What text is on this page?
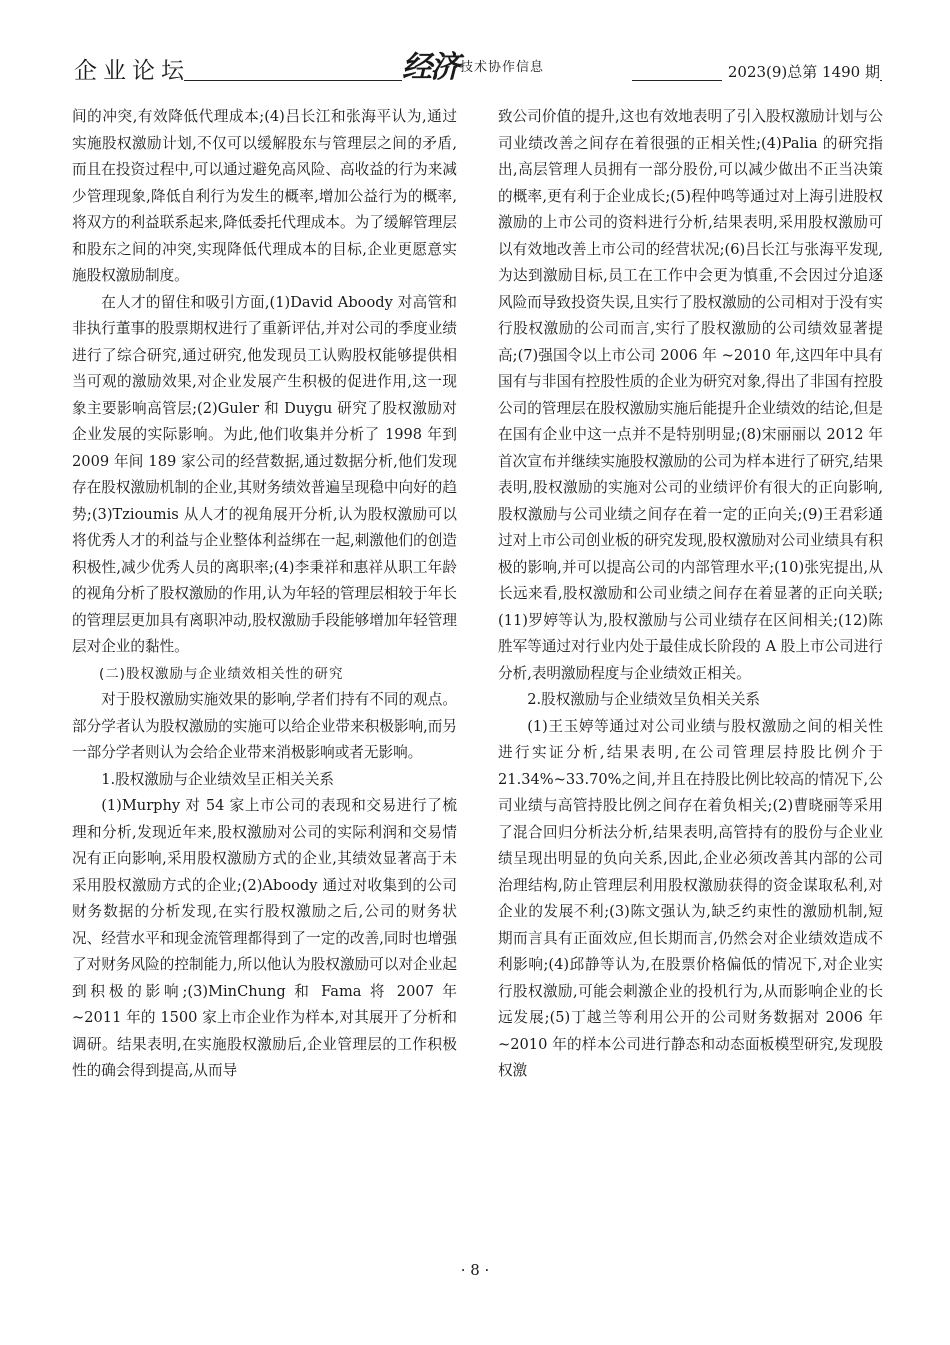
企业论坛	经济 $^{技术协作信息}$	2023(9)总第 1490 期

间的冲突,有效降低代理成本;(4)吕长江和张海平认为,通过实施股权激励计划,不仅可以缓解股东与管理层之间的矛盾,而且在投资过程中,可以通过避免高风险、高收益的行为来减少管理现象,降低自利行为发生的概率,增加公益行为的概率,将双方的利益联系起来,降低委托代理成本。为了缓解管理层和股东之间的冲突,实现降低代理成本的目标,企业更愿意实施股权激励制度。

在人才的留住和吸引方面,(1)David Aboody 对高管和非执行董事的股票期权进行了重新评估,并对公司的季度业绩进行了综合研究,通过研究,他发现员工认购股权能够提供相当可观的激励效果,对企业发展产生积极的促进作用,这一现象主要影响高管层;(2)Guler 和 Duygu 研究了股权激励对企业发展的实际影响。为此,他们收集并分析了 1998 年到 2009 年间 189 家公司的经营数据,通过数据分析,他们发现存在股权激励机制的企业,其财务绩效普遍呈现稳中向好的趋势;(3)Tzioumis 从人才的视角展开分析,认为股权激励可以将优秀人才的利益与企业整体利益绑在一起,刺激他们的创造积极性,减少优秀人员的离职率;(4)李秉祥和惠祥从职工年龄的视角分析了股权激励的作用,认为年轻的管理层相较于年长的管理层更加具有离职冲动,股权激励手段能够增加年轻管理层对企业的黏性。

(二)股权激励与企业绩效相关性的研究

对于股权激励实施效果的影响,学者们持有不同的观点。部分学者认为股权激励的实施可以给企业带来积极影响,而另一部分学者则认为会给企业带来消极影响或者无影响。

1.股权激励与企业绩效呈正相关关系

(1)Murphy 对 54 家上市公司的表现和交易进行了梳理和分析,发现近年来,股权激励对公司的实际利润和交易情况有正向影响,采用股权激励方式的企业,其绩效显著高于未采用股权激励方式的企业;(2)Aboody 通过对收集到的公司财务数据的分析发现,在实行股权激励之后,公司的财务状况、经营水平和现金流管理都得到了一定的改善,同时也增强了对财务风险的控制能力,所以他认为股权激励可以对企业起到积极的影响;(3)MinChung 和 Fama 将 2007 年 ~2011 年的 1500 家上市企业作为样本,对其展开了分析和调研。结果表明,在实施股权激励后,企业管理层的工作积极性的确会得到提高,从而导

致公司价值的提升,这也有效地表明了引入股权激励计划与公司业绩改善之间存在着很强的正相关性;(4)Palia 的研究指出,高层管理人员拥有一部分股份,可以减少做出不正当决策的概率,更有利于企业成长;(5)程仲鸣等通过对上海引进股权激励的上市公司的资料进行分析,结果表明,采用股权激励可以有效地改善上市公司的经营状况;(6)吕长江与张海平发现,为达到激励目标,员工在工作中会更为慎重,不会因过分追逐风险而导致投资失误,且实行了股权激励的公司相对于没有实行股权激励的公司而言,实行了股权激励的公司绩效显著提高;(7)强国令以上市公司 2006 年 ~2010 年,这四年中具有国有与非国有控股性质的企业为研究对象,得出了非国有控股公司的管理层在股权激励实施后能提升企业绩效的结论,但是在国有企业中这一点并不是特别明显;(8)宋丽丽以 2012 年首次宣布并继续实施股权激励的公司为样本进行了研究,结果表明,股权激励的实施对公司的业绩评价有很大的正向影响,股权激励与公司业绩之间存在着一定的正向关;(9)王君彩通过对上市公司创业板的研究发现,股权激励对公司业绩具有积极的影响,并可以提高公司的内部管理水平;(10)张宪提出,从长远来看,股权激励和公司业绩之间存在着显著的正向关联;(11)罗婷等认为,股权激励与公司业绩存在区间相关;(12)陈胜军等通过对行业内处于最佳成长阶段的 A 股上市公司进行分析,表明激励程度与企业绩效正相关。

2.股权激励与企业绩效呈负相关关系

(1)王玉婷等通过对公司业绩与股权激励之间的相关性进行实证分析,结果表明,在公司管理层持股比例介于 21.34%~33.70%之间,并且在持股比例比较高的情况下,公司业绩与高管持股比例之间存在着负相关;(2)曹晓丽等采用了混合回归分析法分析,结果表明,高管持有的股份与企业业绩呈现出明显的负向关系,因此,企业必须改善其内部的公司治理结构,防止管理层利用股权激励获得的资金谋取私利,对企业的发展不利;(3)陈文强认为,缺乏约束性的激励机制,短期而言具有正面效应,但长期而言,仍然会对企业绩效造成不利影响;(4)邱静等认为,在股票价格偏低的情况下,对企业实行股权激励,可能会刺激企业的投机行为,从而影响企业的长远发展;(5)丁越兰等利用公开的公司财务数据对 2006 年 ~2010 年的样本公司进行静态和动态面板模型研究,发现股权激

· 8 ·
